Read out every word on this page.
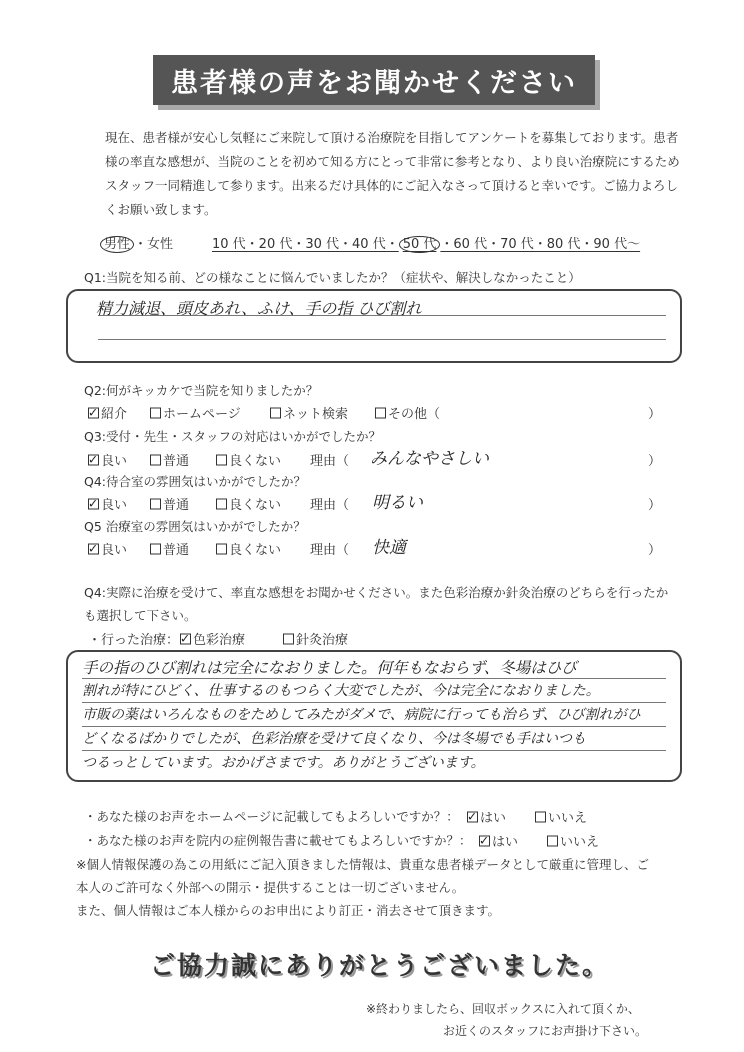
患者様の声をお聞かせください
現在、患者様が安心し気軽にご来院して頂ける治療院を目指してアンケートを募集しております。患者
様の率直な感想が、当院のことを初めて知る方にとって非常に参考となり、より良い治療院にするため
スタッフ一同精進して参ります。出来るだけ具体的にご記入なさって頂けると幸いです。ご協力よろし
くお願い致します。
男性 ・女性	10 代・20 代・30 代・40 代・ 50 代 ・60 代・70 代・80 代・90 代〜
Q1:当院を知る前、どの様なことに悩んでいましたか？（症状や、解決しなかったこと）
精力減退、頭皮あれ、ふけ、手の指 ひび割れ
Q2:何がキッカケで当院を知りましたか？
紹介 ✓	ホームページ	ネット検索	その他（	）
Q3:受付・先生・スタッフの対応はいかがでしたか？
良い ✓	普通	良くない 理由（ みんなやさしい	）
Q4:待合室の雰囲気はいかがでしたか？
良い ✓	普通	良くない 理由（ 明るい	）
Q5 治療室の雰囲気はいかがでしたか？
良い ✓	普通	良くない 理由（ 快適	）
Q4:実際に治療を受けて、率直な感想をお聞かせください。また色彩治療か針灸治療のどちらを行ったか
も選択して下さい。
・行った治療：	色彩治療 ✓	針灸治療
手の指のひび割れは完全になおりました。何年もなおらず、冬場はひび
割れが特にひどく、仕事するのもつらく大変でしたが、今は完全になおりました。
市販の薬はいろんなものをためしてみたがダメで、病院に行っても治らず、ひび割れがひ
どくなるばかりでしたが、色彩治療を受けて良くなり、今は冬場でも手はいつも
つるっとしています。おかげさまです。ありがとうございます。
・あなた様のお声をホームページに記載してもよろしいですか？：	はい ✓	いいえ
・あなた様のお声を院内の症例報告書に載せてもよろしいですか？：	はい ✓	いいえ
※個人情報保護の為この用紙にご記入頂きました情報は、貴重な患者様データとして厳重に管理し、ご
本人のご許可なく外部への開示・提供することは一切ございません。
また、個人情報はご本人様からのお申出により訂正・消去させて頂きます。
ご協力誠にありがとうございました。
※終わりましたら、回収ボックスに入れて頂くか、
お近くのスタッフにお声掛け下さい。
